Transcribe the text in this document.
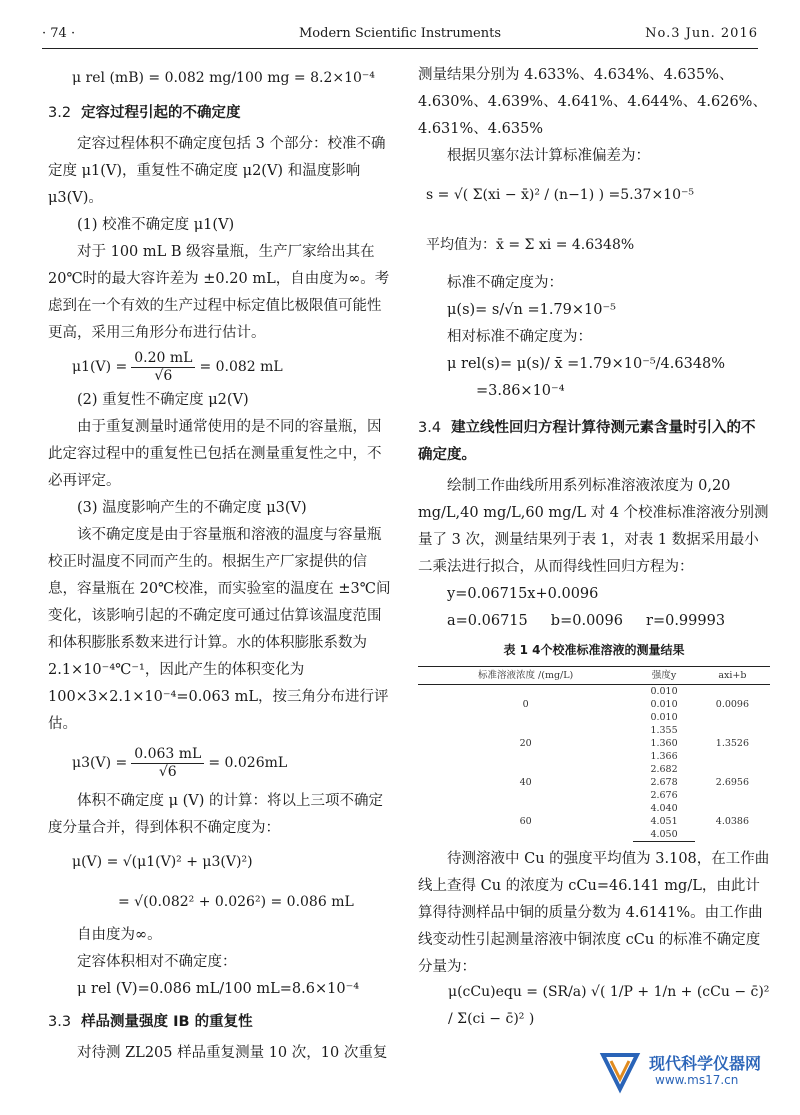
· 74 ·	Modern Scientific Instruments	No.3 Jun. 2016
μ rel (mB) = 0.082 mg/100 mg = 8.2×10⁻⁴
3.2 定容过程引起的不确定度

定容过程体积不确定度包括 3 个部分：校准不确定度 μ1(V)，重复性不确定度 μ2(V) 和温度影响 μ3(V)。

(1) 校准不确定度 μ1(V)

对于 100 mL B 级容量瓶，生产厂家给出其在 20℃时的最大容许差为 ±0.20 mL，自由度为∞。考虑到在一个有效的生产过程中标定值比极限值可能性更高，采用三角形分布进行估计。

$\mu 1(V) = \frac{0.20 mL}{√6} = 0.082$ mL

(2) 重复性不确定度 μ2(V)

由于重复测量时通常使用的是不同的容量瓶，因此定容过程中的重复性已包括在测量重复性之中，不必再评定。

(3) 温度影响产生的不确定度 μ3(V)

该不确定度是由于容量瓶和溶液的温度与容量瓶校正时温度不同而产生的。根据生产厂家提供的信息，容量瓶在 20℃校准，而实验室的温度在 ±3℃间变化，该影响引起的不确定度可通过估算该温度范围和体积膨胀系数来进行计算。水的体积膨胀系数为 2.1×10⁻⁴℃⁻¹，因此产生的体积变化为 100×3×2.1×10⁻⁴=0.063 mL，按三角分布进行评估。

$\mu 3(V) = \frac{0.063 mL}{√6} = 0.026mL$

体积不确定度 μ (V) 的计算：将以上三项不确定度分量合并，得到体积不确定度为：

μ(V) = √(μ1(V)² + μ3(V)²)
= √(0.082² + 0.026²) = 0.086 mL

自由度为∞。

定容体积相对不确定度：

μ rel (V)=0.086 mL/100 mL=8.6×10⁻⁴

3.3 样品测量强度 IB 的重复性

对待测 ZL205 样品重复测量 10 次，10 次重复

测量结果分别为 4.633%、4.634%、4.635%、4.630%、4.639%、4.641%、4.644%、4.626%、4.631%、4.635%

根据贝塞尔法计算标准偏差为：

s = √( Σ(xi − x̄)² / (n−1) ) =5.37×10⁻⁵
平均值为：x̄ = Σ xi = 4.6348%

标准不确定度为：

μ(s)= s/√n =1.79×10⁻⁵

相对标准不确定度为：

μ rel(s)= μ(s)/ x̄ =1.79×10⁻⁵/4.6348%

=3.86×10⁻⁴

3.4 建立线性回归方程计算待测元素含量时引入的不确定度。

绘制工作曲线所用系列标准溶液浓度为 0,20 mg/L,40 mg/L,60 mg/L 对 4 个校准标准溶液分别测量了 3 次，测量结果列于表 1，对表 1 数据采用最小二乘法进行拟合，从而得线性回归方程为：

y=0.06715x+0.0096

a=0.06715     b=0.0096     r=0.99993

表 1 4个校准标准溶液的测量结果
标准溶液浓度 /(mg/L)	强度y	axi+b
0	0.010	0.0096
	0.010	
	0.010	
20	1.355	1.3526
	1.360	
	1.366	
40	2.682	2.6956
	2.678	
	2.676	
60	4.040	4.0386
	4.051	
	4.050	

待测溶液中 Cu 的强度平均值为 3.108，在工作曲线上查得 Cu 的浓度为 cCu=46.141 mg/L，由此计算得待测样品中铜的质量分数为 4.6141%。由工作曲线变动性引起测量溶液中铜浓度 cCu 的标准不确定度分量为：

μ(cCu)equ = (SR/a) √( 1/P + 1/n + (cCu − c̄)² / Σ(ci − c̄)² )
现代科学仪器网
www.ms17.cn
